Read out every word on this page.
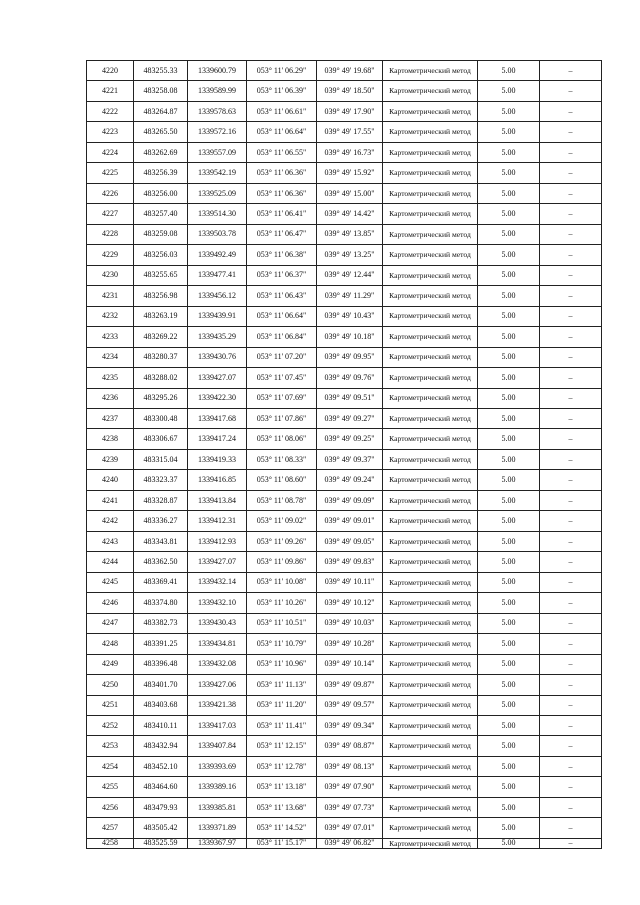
4220	483255.33	1339600.79	053° 11' 06.29"	039° 49' 19.68"	Картометрический метод	5.00	–
4221	483258.08	1339589.99	053° 11' 06.39"	039° 49' 18.50"	Картометрический метод	5.00	–
4222	483264.87	1339578.63	053° 11' 06.61"	039° 49' 17.90"	Картометрический метод	5.00	–
4223	483265.50	1339572.16	053° 11' 06.64"	039° 49' 17.55"	Картометрический метод	5.00	–
4224	483262.69	1339557.09	053° 11' 06.55"	039° 49' 16.73"	Картометрический метод	5.00	–
4225	483256.39	1339542.19	053° 11' 06.36"	039° 49' 15.92"	Картометрический метод	5.00	–
4226	483256.00	1339525.09	053° 11' 06.36"	039° 49' 15.00"	Картометрический метод	5.00	–
4227	483257.40	1339514.30	053° 11' 06.41"	039° 49' 14.42"	Картометрический метод	5.00	–
4228	483259.08	1339503.78	053° 11' 06.47"	039° 49' 13.85"	Картометрический метод	5.00	–
4229	483256.03	1339492.49	053° 11' 06.38"	039° 49' 13.25"	Картометрический метод	5.00	–
4230	483255.65	1339477.41	053° 11' 06.37"	039° 49' 12.44"	Картометрический метод	5.00	–
4231	483256.98	1339456.12	053° 11' 06.43"	039° 49' 11.29"	Картометрический метод	5.00	–
4232	483263.19	1339439.91	053° 11' 06.64"	039° 49' 10.43"	Картометрический метод	5.00	–
4233	483269.22	1339435.29	053° 11' 06.84"	039° 49' 10.18"	Картометрический метод	5.00	–
4234	483280.37	1339430.76	053° 11' 07.20"	039° 49' 09.95"	Картометрический метод	5.00	–
4235	483288.02	1339427.07	053° 11' 07.45"	039° 49' 09.76"	Картометрический метод	5.00	–
4236	483295.26	1339422.30	053° 11' 07.69"	039° 49' 09.51"	Картометрический метод	5.00	–
4237	483300.48	1339417.68	053° 11' 07.86"	039° 49' 09.27"	Картометрический метод	5.00	–
4238	483306.67	1339417.24	053° 11' 08.06"	039° 49' 09.25"	Картометрический метод	5.00	–
4239	483315.04	1339419.33	053° 11' 08.33"	039° 49' 09.37"	Картометрический метод	5.00	–
4240	483323.37	1339416.85	053° 11' 08.60"	039° 49' 09.24"	Картометрический метод	5.00	–
4241	483328.87	1339413.84	053° 11' 08.78"	039° 49' 09.09"	Картометрический метод	5.00	–
4242	483336.27	1339412.31	053° 11' 09.02"	039° 49' 09.01"	Картометрический метод	5.00	–
4243	483343.81	1339412.93	053° 11' 09.26"	039° 49' 09.05"	Картометрический метод	5.00	–
4244	483362.50	1339427.07	053° 11' 09.86"	039° 49' 09.83"	Картометрический метод	5.00	–
4245	483369.41	1339432.14	053° 11' 10.08"	039° 49' 10.11"	Картометрический метод	5.00	–
4246	483374.80	1339432.10	053° 11' 10.26"	039° 49' 10.12"	Картометрический метод	5.00	–
4247	483382.73	1339430.43	053° 11' 10.51"	039° 49' 10.03"	Картометрический метод	5.00	–
4248	483391.25	1339434.81	053° 11' 10.79"	039° 49' 10.28"	Картометрический метод	5.00	–
4249	483396.48	1339432.08	053° 11' 10.96"	039° 49' 10.14"	Картометрический метод	5.00	–
4250	483401.70	1339427.06	053° 11' 11.13"	039° 49' 09.87"	Картометрический метод	5.00	–
4251	483403.68	1339421.38	053° 11' 11.20"	039° 49' 09.57"	Картометрический метод	5.00	–
4252	483410.11	1339417.03	053° 11' 11.41"	039° 49' 09.34"	Картометрический метод	5.00	–
4253	483432.94	1339407.84	053° 11' 12.15"	039° 49' 08.87"	Картометрический метод	5.00	–
4254	483452.10	1339393.69	053° 11' 12.78"	039° 49' 08.13"	Картометрический метод	5.00	–
4255	483464.60	1339389.16	053° 11' 13.18"	039° 49' 07.90"	Картометрический метод	5.00	–
4256	483479.93	1339385.81	053° 11' 13.68"	039° 49' 07.73"	Картометрический метод	5.00	–
4257	483505.42	1339371.89	053° 11' 14.52"	039° 49' 07.01"	Картометрический метод	5.00	–
4258	483525.59	1339367.97	053° 11' 15.17"	039° 49' 06.82"	Картометрический метод	5.00	–
